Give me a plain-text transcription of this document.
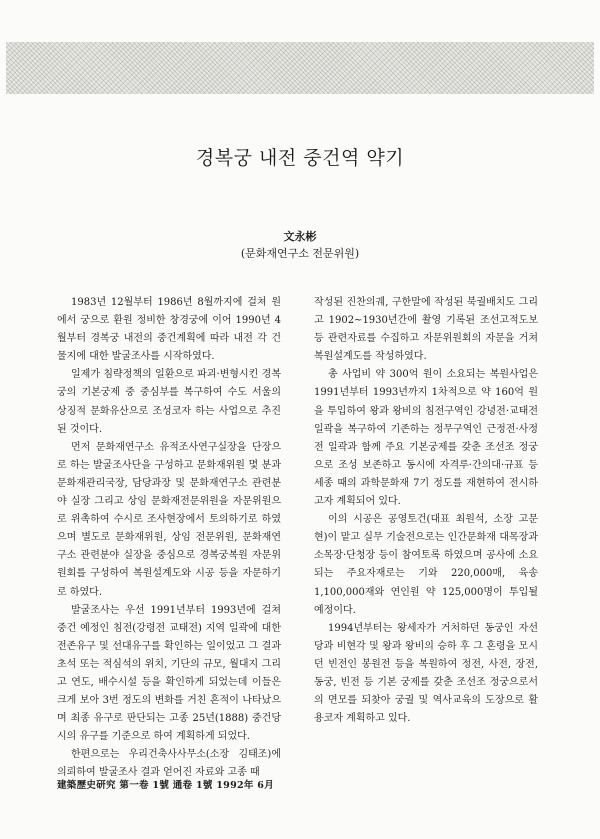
경복궁 내전 중건역 약기
文永彬
(문화재연구소 전문위원)

1983년 12월부터 1986년 8월까지에 걸쳐 원에서 궁으로 환원 정비한 창경궁에 이어 1990년 4월부터 경복궁 내전의 중건계획에 따라 내전 각 건물지에 대한 발굴조사를 시작하였다.

일제가 침략정책의 일환으로 파괴·변형시킨 경복궁의 기본궁제 중 중심부를 복구하여 수도 서울의 상징적 문화유산으로 조성코자 하는 사업으로 추진된 것이다.

먼저 문화재연구소 유적조사연구실장을 단장으로 하는 발굴조사단을 구성하고 문화재위원 몇 분과 문화재관리국장, 담당과장 및 문화재연구소 관련분야 실장 그리고 상임 문화재전문위원을 자문위원으로 위촉하여 수시로 조사현장에서 토의하기로 하였으며 별도로 문화재위원, 상임 전문위원, 문화재연구소 관련분야 실장을 중심으로 경복궁복원 자문위원회를 구성하여 복원설계도와 시공 등을 자문하기로 하였다.

발굴조사는 우선 1991년부터 1993년에 걸쳐 중건 예정인 침전(강령전 교태전) 지역 일곽에 대한 전존유구 및 선대유구를 확인하는 일이었고 그 결과 초석 또는 적심석의 위치, 기단의 규모, 월대지 그리고 연도, 배수시설 등을 확인하게 되었는데 이들은 크게 보아 3번 정도의 변화를 거친 흔적이 나타났으며 최종 유구로 판단되는 고종 25년(1888) 중건당시의 유구를 기준으로 하여 계획하게 되었다.

한편으로는 우리건축사사무소(소장 김태조)에 의뢰하여 발굴조사 결과 얻어진 자료와 고종 때

작성된 진찬의궤, 구한말에 작성된 북궐배치도 그리고 1902~1930년간에 촬영 기록된 조선고적도보 등 관련자료를 수집하고 자문위원회의 자문을 거쳐 복원설계도를 작성하였다.

총 사업비 약 300억 원이 소요되는 복원사업은 1991년부터 1993년까지 1차적으로 약 160억 원을 투입하여 왕과 왕비의 침전구역인 강녕전·교태전 일곽을 복구하여 기존하는 정무구역인 근정전·사정전 일곽과 함께 주요 기본궁제를 갖춘 조선조 정궁으로 조성 보존하고 동시에 자격루·간의대·규표 등 세종 때의 과학문화재 7기 정도를 재현하여 전시하고자 계획되어 있다.

이의 시공은 공영토건(대표 최원석, 소장 고문현)이 맡고 실무 기술전으로는 인간문화재 대목장과 소목장·단청장 등이 참여토록 하였으며 공사에 소요되는 주요자재로는 기와 220,000매, 육송 1,100,000재와 연인원 약 125,000명이 투입될 예정이다.

1994년부터는 왕세자가 거처하던 동궁인 자선당과 비현각 및 왕과 왕비의 승하 후 그 혼령을 모시던 빈전인 봉원전 등을 복원하여 정전, 사전, 장전, 동궁, 빈전 등 기본 궁제를 갖춘 조선조 정궁으로서의 면모를 되찾아 궁궐 및 역사교육의 도장으로 활용코자 계획하고 있다.

建築歷史研究 第一卷 1號 通卷 1號 1992年 6月
